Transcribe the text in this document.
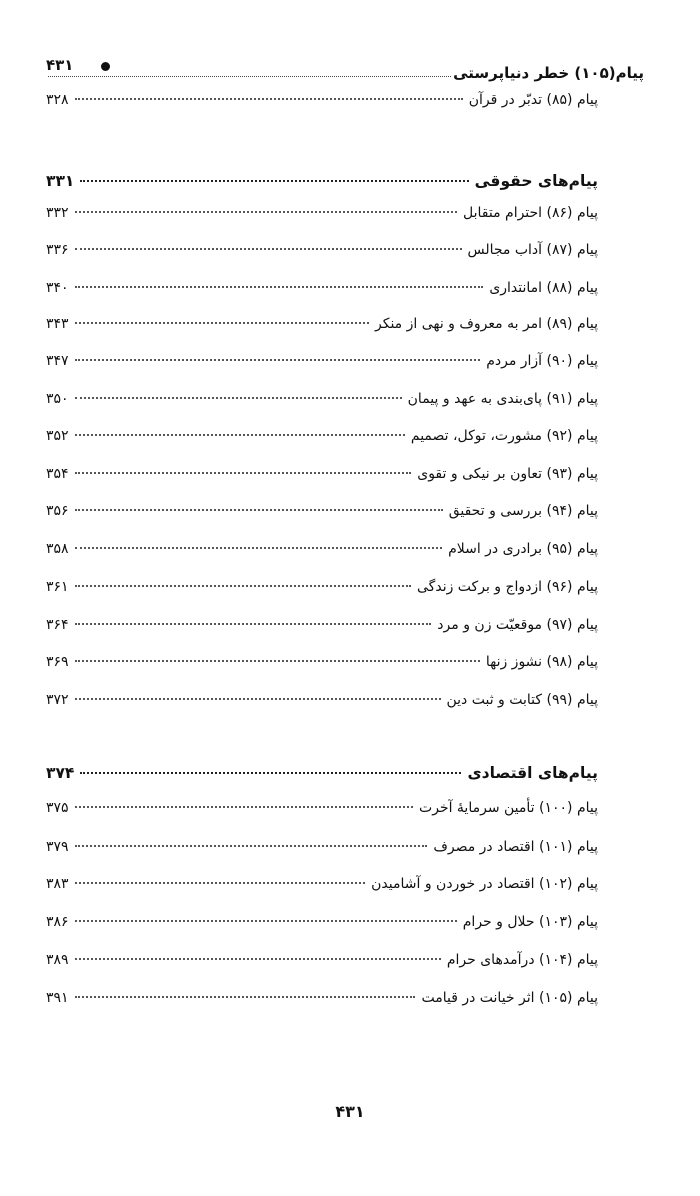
پیام(۱۰۵) خطر دنیاپرستی
۴۳۱
پیام (۸۵) تدبّر در قرآن
۳۲۸
پیام‌های حقوقی
۳۳۱
پیام (۸۶) احترام متقابل
۳۳۲
پیام (۸۷) آداب مجالس
۳۳۶
پیام (۸۸) امانتداری
۳۴۰
پیام (۸۹) امر به معروف و نهی از منکر
۳۴۳
پیام (۹۰) آزار مردم
۳۴۷
پیام (۹۱) پای‌بندی به عهد و پیمان
۳۵۰
پیام (۹۲) مشورت، توکل، تصمیم
۳۵۲
پیام (۹۳) تعاون بر نیکی و تقوی
۳۵۴
پیام (۹۴) بررسی و تحقیق
۳۵۶
پیام (۹۵) برادری در اسلام
۳۵۸
پیام (۹۶) ازدواج و برکت زندگی
۳۶۱
پیام (۹۷) موقعیّت زن و مرد
۳۶۴
پیام (۹۸) نشوز زنها
۳۶۹
پیام (۹۹) کتابت و ثبت دین
۳۷۲
پیام‌های اقتصادی
۳۷۴
پیام (۱۰۰) تأمین سرمایهٔ آخرت
۳۷۵
پیام (۱۰۱) اقتصاد در مصرف
۳۷۹
پیام (۱۰۲) اقتصاد در خوردن و آشامیدن
۳۸۳
پیام (۱۰۳) حلال و حرام
۳۸۶
پیام (۱۰۴) درآمدهای حرام
۳۸۹
پیام (۱۰۵) اثر خیانت در قیامت
۳۹۱
۴۳۱
